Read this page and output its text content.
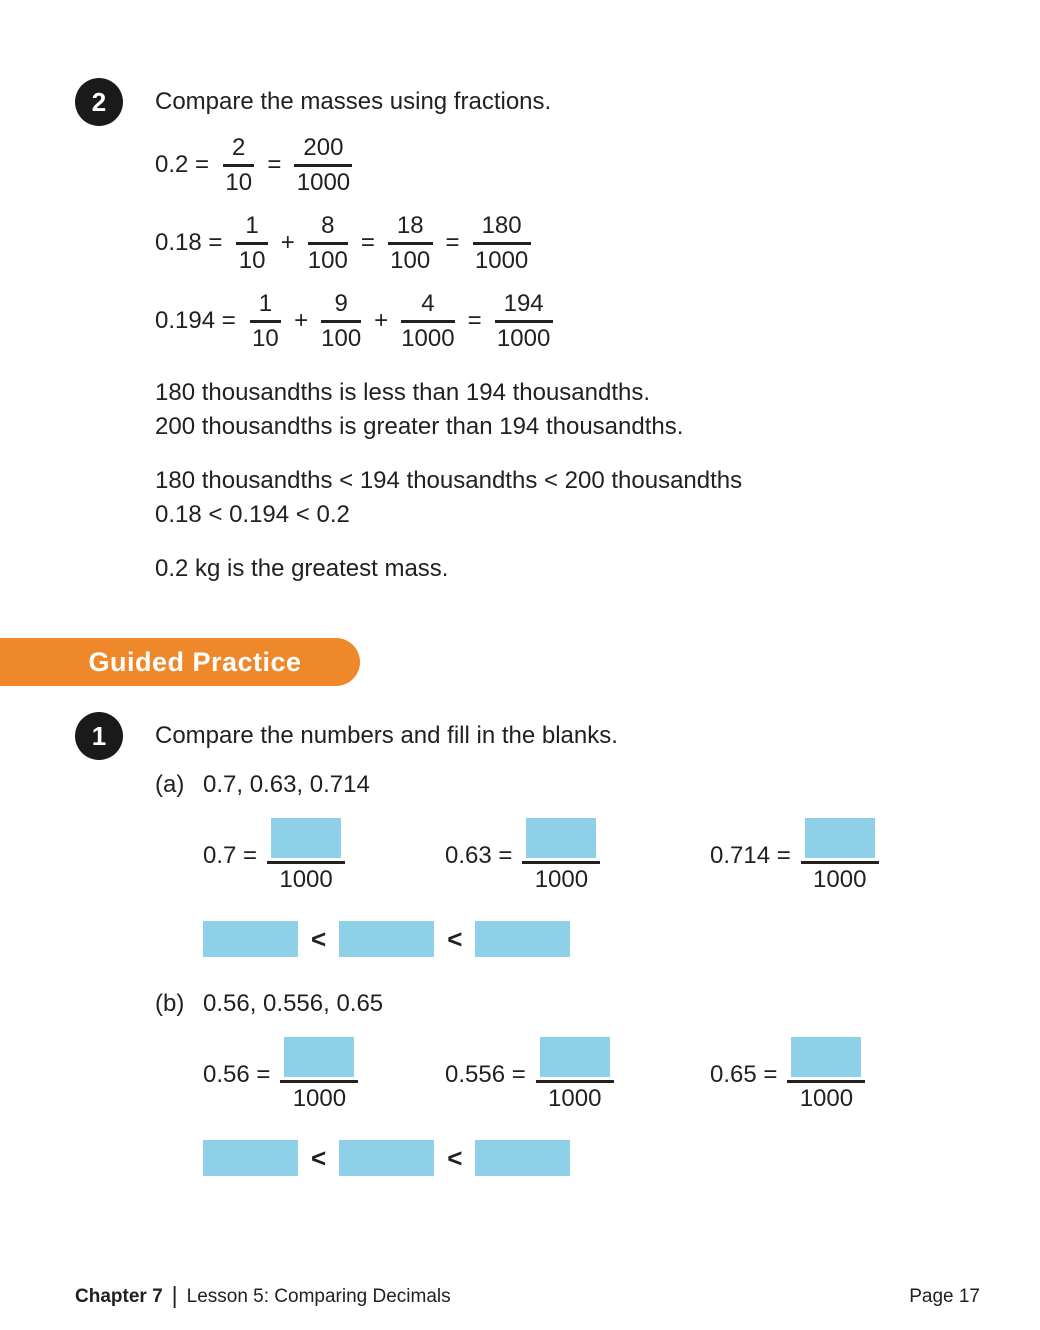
2	Compare the masses using fractions.

$0.2 = \frac{2}{10} = \frac{200}{1000}$
$0.18 = \frac{1}{10} + \frac{8}{100} = \frac{18}{100} = \frac{180}{1000}$
$0.194 = \frac{1}{10} + \frac{9}{100} + \frac{4}{1000} = \frac{194}{1000}$

180 thousandths is less than 194 thousandths.

200 thousandths is greater than 194 thousandths.

180 thousandths < 194 thousandths < 200 thousandths

0.18 < 0.194 < 0.2

0.2 kg is the greatest mass.

Guided Practice
1	Compare the numbers and fill in the blanks.

(a) 0.7, 0.63, 0.714
0.7 =
1000
0.63 =
1000
0.714 =
1000
<	<
(b) 0.56, 0.556, 0.65
0.56 =
1000
0.556 =
1000
0.65 =
1000
<	<
Chapter 7 | Lesson 5: Comparing Decimals	Page 17
